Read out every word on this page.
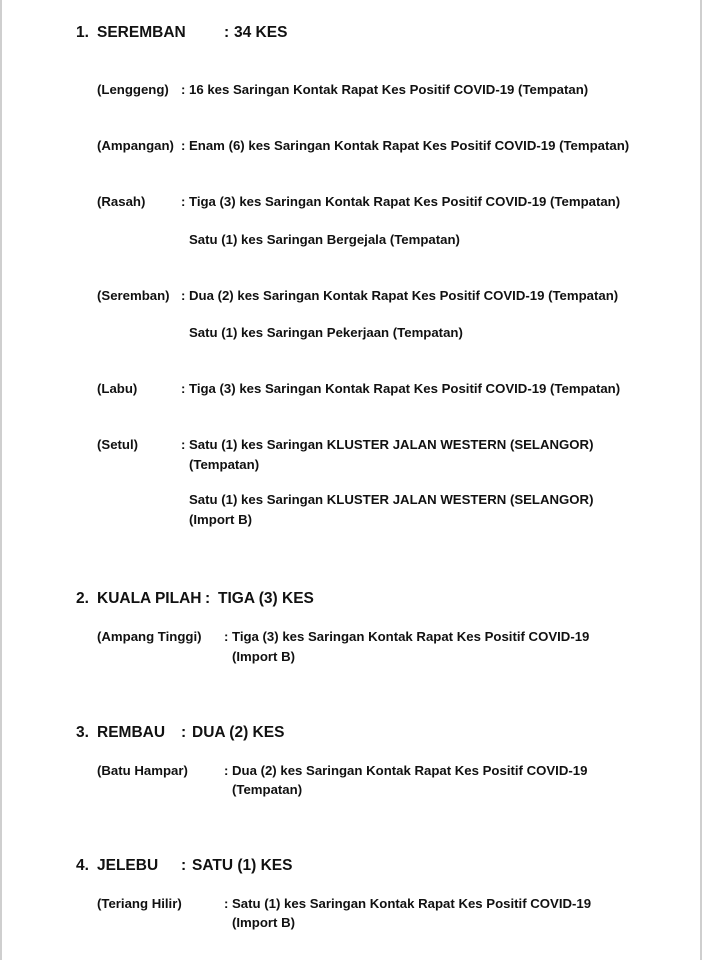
1. SEREMBAN : 34 KES
(Lenggeng) : 16 kes Saringan Kontak Rapat Kes Positif COVID-19 (Tempatan)
(Ampangan) : Enam (6) kes Saringan Kontak Rapat Kes Positif COVID-19 (Tempatan)
(Rasah)	: Tiga (3) kes Saringan Kontak Rapat Kes Positif COVID-19 (Tempatan)
Satu (1) kes Saringan Bergejala (Tempatan)
(Seremban) : Dua (2) kes Saringan Kontak Rapat Kes Positif COVID-19 (Tempatan)
Satu (1) kes Saringan Pekerjaan (Tempatan)
(Labu)	: Tiga (3) kes Saringan Kontak Rapat Kes Positif COVID-19 (Tempatan)
(Setul)	: Satu (1) kes Saringan KLUSTER JALAN WESTERN (SELANGOR)
(Tempatan)
Satu (1) kes Saringan KLUSTER JALAN WESTERN (SELANGOR)
(Import B)
2. KUALA PILAH : TIGA (3) KES
(Ampang Tinggi) : Tiga (3) kes Saringan Kontak Rapat Kes Positif COVID-19
(Import B)
3. REMBAU : DUA (2) KES
(Batu Hampar)	: Dua (2) kes Saringan Kontak Rapat Kes Positif COVID-19
(Tempatan)
4. JELEBU : SATU (1) KES
(Teriang Hilir)	: Satu (1) kes Saringan Kontak Rapat Kes Positif COVID-19
(Import B)
